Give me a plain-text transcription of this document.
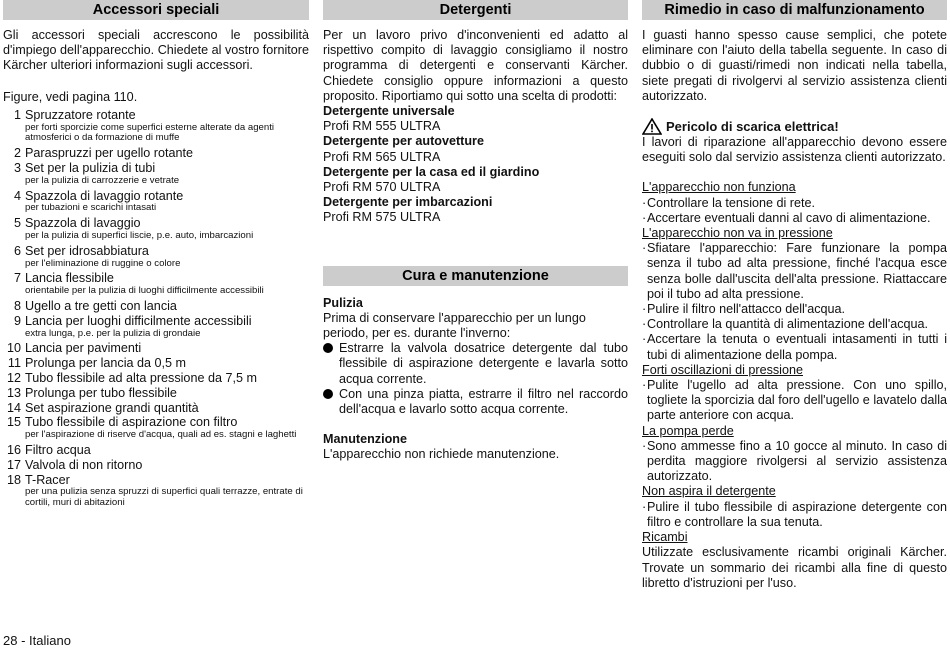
Accessori speciali

Gli accessori speciali accrescono le possibilità d'impiego dell'apparecchio. Chiedete al vostro fornitore Kärcher ulteriori informazioni sugli accessori.

Figure, vedi pagina 110.

1 Spruzzatore rotante
per forti sporcizie come superfici esterne alterate da agenti atmosferici o da formazione di muffe
2 Paraspruzzi per ugello rotante
3 Set per la pulizia di tubi
per la pulizia di carrozzerie e vetrate
4 Spazzola di lavaggio rotante
per tubazioni e scarichi intasati
5 Spazzola di lavaggio
per la pulizia di superfici liscie, p.e. auto, imbarcazioni
6 Set per idrosabbiatura
per l'eliminazione di ruggine o colore
7 Lancia flessibile
orientabile per la pulizia di luoghi difficilmente accessibili
8 Ugello a tre getti con lancia
9 Lancia per luoghi difficilmente accessibili
extra lunga, p.e. per la pulizia di grondaie
10 Lancia per pavimenti
11 Prolunga per lancia da 0,5 m
12 Tubo flessibile ad alta pressione da 7,5 m
13 Prolunga per tubo flessibile
14 Set aspirazione grandi quantità
15 Tubo flessibile di aspirazione con filtro
per l'aspirazione di riserve d'acqua, quali ad es. stagni e laghetti
16 Filtro acqua
17 Valvola di non ritorno
18 T-Racer
per una pulizia senza spruzzi di superfici quali terrazze, entrate di cortili, muri di abitazioni
Detergenti

Per un lavoro privo d'inconvenienti ed adatto al rispettivo compito di lavaggio consigliamo il nostro programma di detergenti e conservanti Kärcher. Chiedete consiglio oppure informazioni a questo proposito. Riportiamo qui sotto una scelta di prodotti:

Detergente universale
Profi RM 555 ULTRA
Detergente per autovetture
Profi RM 565 ULTRA
Detergente per la casa ed il giardino
Profi RM 570 ULTRA
Detergente per imbarcazioni
Profi RM 575 ULTRA
Cura e manutenzione

Pulizia

Prima di conservare l'apparecchio per un lungo periodo, per es. durante l'inverno:

Estrarre la valvola dosatrice detergente dal tubo flessibile di aspirazione detergente e lavarla sotto acqua corrente.
Con una pinza piatta, estrarre il filtro nel raccordo dell'acqua e lavarlo sotto acqua corrente.

Manutenzione

L'apparecchio non richiede manutenzione.

Rimedio in caso di malfunzionamento

I guasti hanno spesso cause semplici, che potete eliminare con l'aiuto della tabella seguente. In caso di dubbio o di guasti/rimedi non indicati nella tabella, siete pregati di rivolgervi al servizio assistenza clienti autorizzato.

Pericolo di scarica elettrica!

I lavori di riparazione all'apparecchio devono essere eseguiti solo dal servizio assistenza clienti autorizzato.

L'apparecchio non funziona
· Controllare la tensione di rete.
· Accertare eventuali danni al cavo di alimentazione.
L'apparecchio non va in pressione
· Sfiatare l'apparecchio: Fare funzionare la pompa senza il tubo ad alta pressione, finché l'acqua esce senza bolle dall'uscita dell'alta pressione. Riattaccare poi il tubo ad alta pressione.
· Pulire il filtro nell'attacco dell'acqua.
· Controllare la quantità di alimentazione dell'acqua.
· Accertare la tenuta o eventuali intasamenti in tutti i tubi di alimentazione della pompa.
Forti oscillazioni di pressione
· Pulite l'ugello ad alta pressione. Con uno spillo, togliete la sporcizia dal foro dell'ugello e lavatelo dalla parte anteriore con acqua.
La pompa perde
· Sono ammesse fino a 10 gocce al minuto. In caso di perdita maggiore rivolgersi al servizio assistenza autorizzato.
Non aspira il detergente
· Pulire il tubo flessibile di aspirazione detergente con filtro e controllare la sua tenuta.
Ricambi

Utilizzate esclusivamente ricambi originali Kärcher. Trovate un sommario dei ricambi alla fine di questo libretto d'istruzioni per l'uso.

28 - Italiano
